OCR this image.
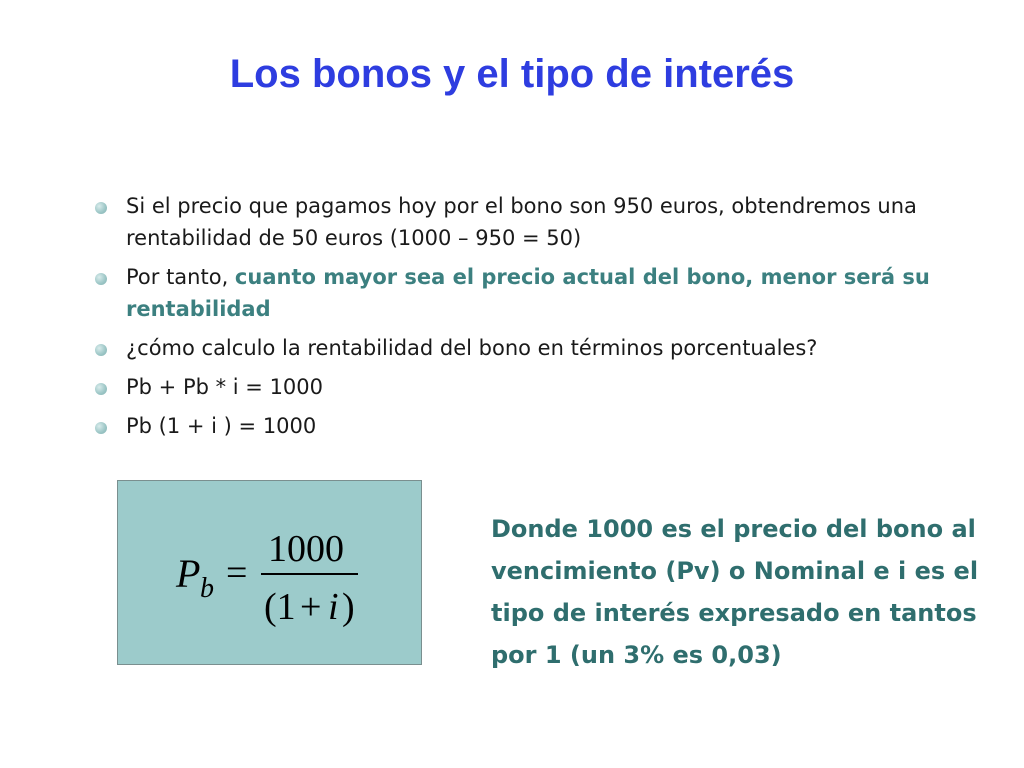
Los bonos y el tipo de interés
Si el precio que pagamos hoy por el bono son 950 euros, obtendremos una rentabilidad de 50 euros (1000 – 950 = 50)
Por tanto, cuanto mayor sea el precio actual del bono, menor será su rentabilidad
¿cómo calculo la rentabilidad del bono en términos porcentuales?
Pb + Pb * i = 1000
Pb (1 + i ) = 1000
P b =
1000
(1 + i )

Donde 1000 es el precio del bono al vencimiento (Pv) o Nominal e i es el tipo de interés expresado en tantos por 1 (un 3% es 0,03)
